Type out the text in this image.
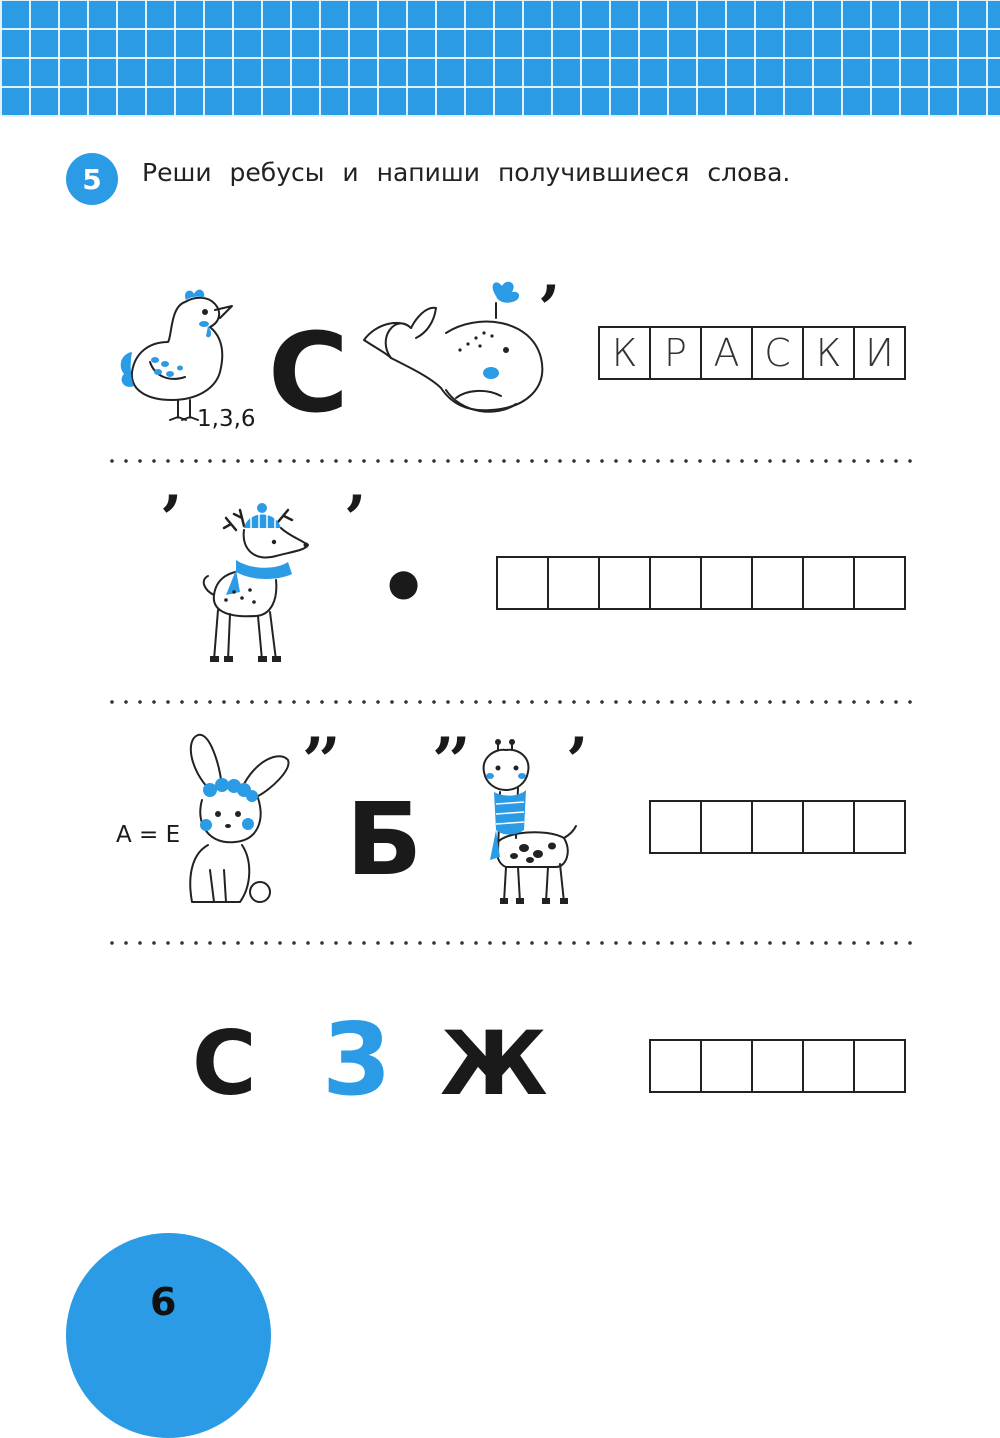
5	Реши ребусы и напиши получившиеся слова.
1,3,6 С	’
К Р А С К И
’	’
•
А = Е
’’
Б
’’ ’
С 3 Ж
6
